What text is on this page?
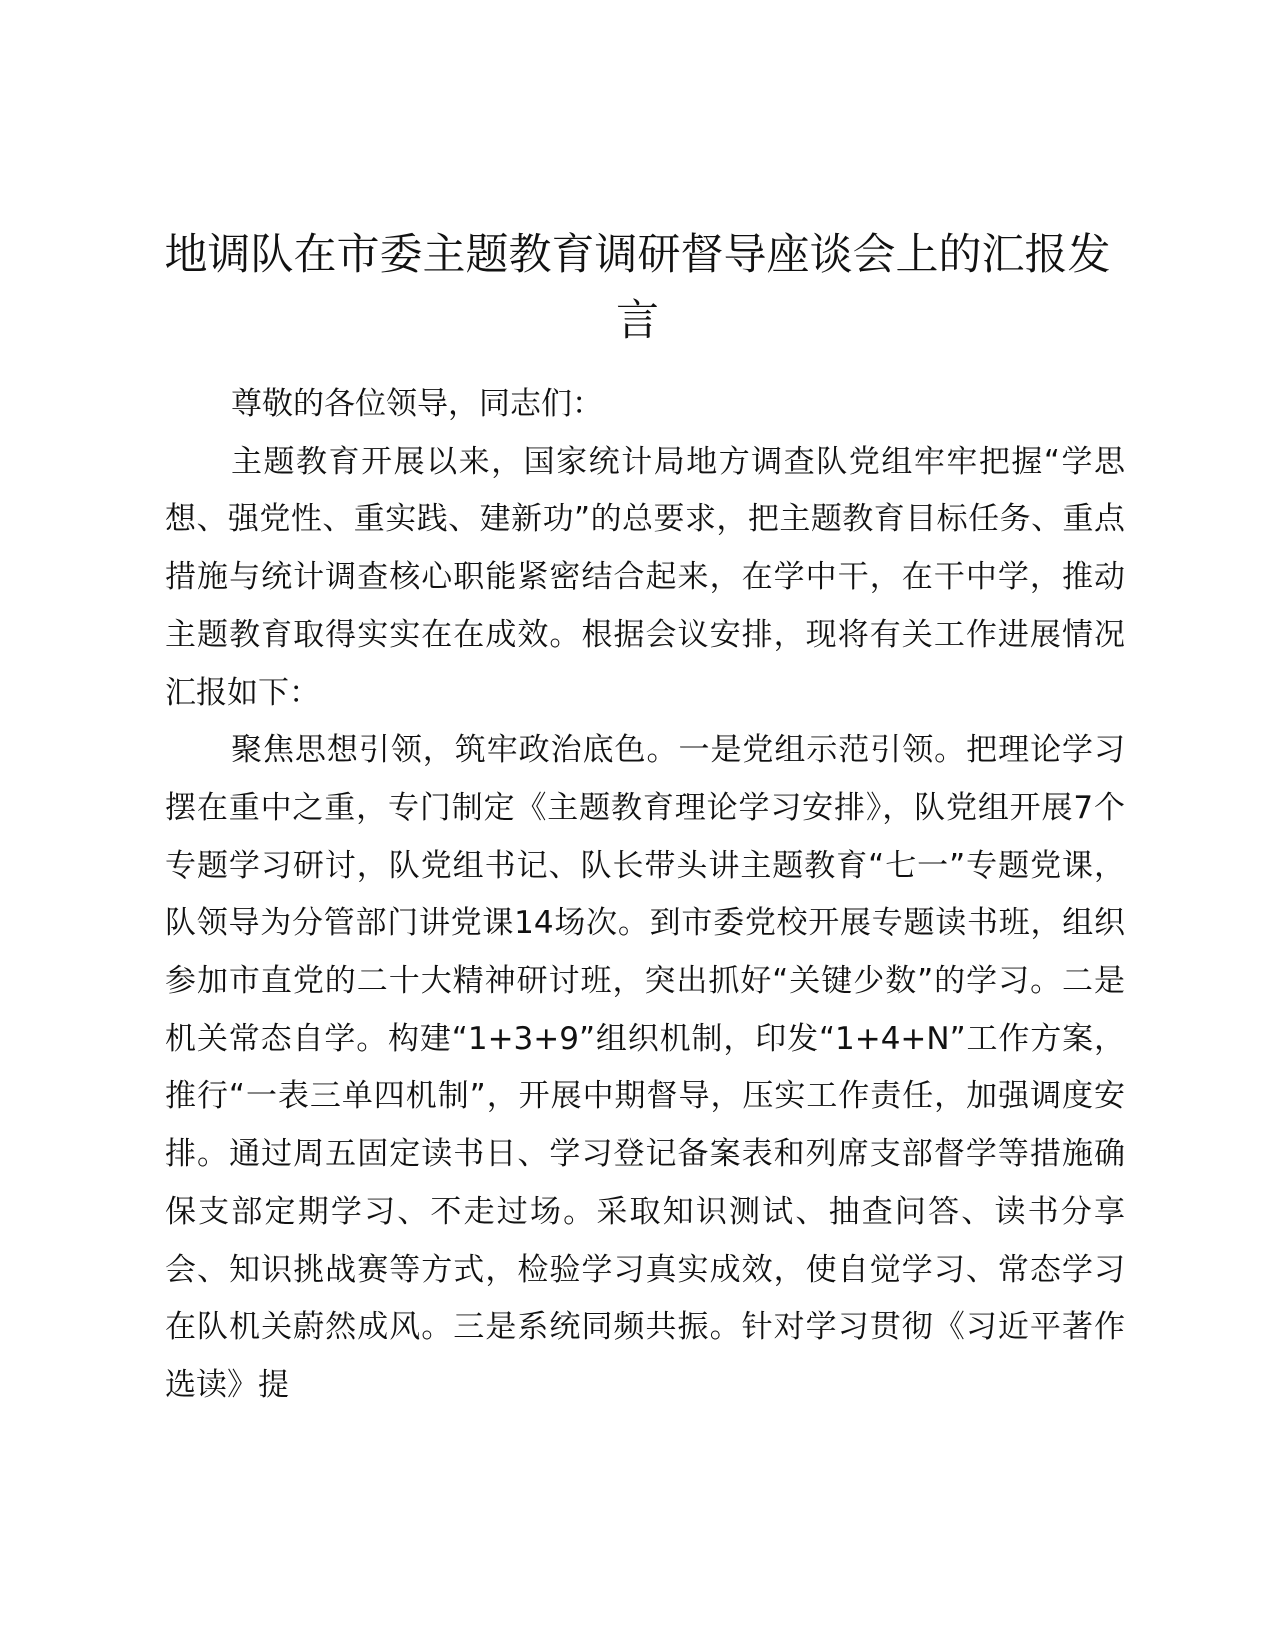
地调队在市委主题教育调研督导座谈会上的汇报发言

尊敬的各位领导，同志们：

主题教育开展以来，国家统计局地方调查队党组牢牢把握“学思想、强党性、重实践、建新功”的总要求，把主题教育目标任务、重点措施与统计调查核心职能紧密结合起来，在学中干，在干中学，推动主题教育取得实实在在成效。根据会议安排，现将有关工作进展情况汇报如下：

聚焦思想引领，筑牢政治底色。一是党组示范引领。把理论学习摆在重中之重，专门制定《主题教育理论学习安排》，队党组开展7个专题学习研讨，队党组书记、队长带头讲主题教育“七一”专题党课，队领导为分管部门讲党课14场次。到市委党校开展专题读书班，组织参加市直党的二十大精神研讨班，突出抓好“关键少数”的学习。二是机关常态自学。构建“1+3+9”组织机制，印发“1+4+N”工作方案，推行“一表三单四机制”，开展中期督导，压实工作责任，加强调度安排。通过周五固定读书日、学习登记备案表和列席支部督学等措施确保支部定期学习、不走过场。采取知识测试、抽查问答、读书分享会、知识挑战赛等方式，检验学习真实成效，使自觉学习、常态学习在队机关蔚然成风。三是系统同频共振。针对学习贯彻《习近平著作选读》提
